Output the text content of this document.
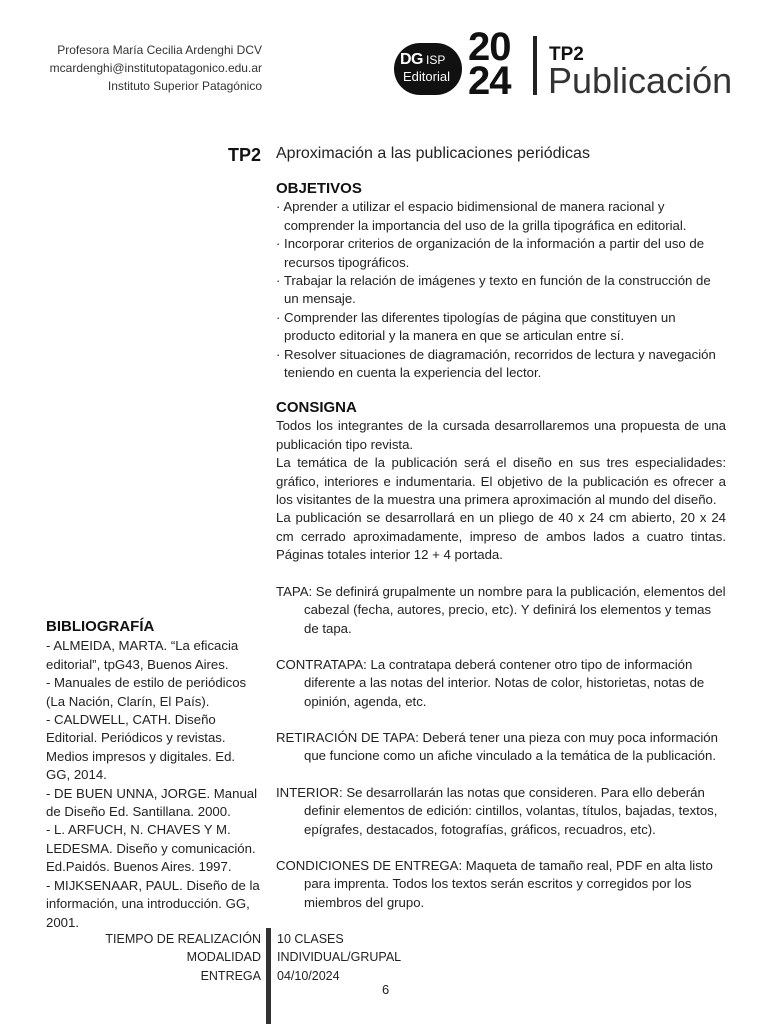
Profesora María Cecilia Ardenghi DCV
mcardenghi@institutopatagonico.edu.ar
Instituto Superior Patagónico
DG ISP
Editorial
20
24
TP2
Publicación
TP2 Aproximación a las publicaciones periódicas
OBJETIVOS

· Aprender a utilizar el espacio bidimensional de manera racional y comprender la importancia del uso de la grilla tipográfica en editorial.

· Incorporar criterios de organización de la información a partir del uso de recursos tipográficos.

· Trabajar la relación de imágenes y texto en función de la construcción de un mensaje.

· Comprender las diferentes tipologías de página que constituyen un producto editorial y la manera en que se articulan entre sí.

· Resolver situaciones de diagramación, recorridos de lectura y navegación teniendo en cuenta la experiencia del lector.

CONSIGNA

Todos los integrantes de la cursada desarrollaremos una propuesta de una publicación tipo revista.

La temática de la publicación será el diseño en sus tres especialidades: gráfico, interiores e indumentaria. El objetivo de la publicación es ofrecer a los visitantes de la muestra una primera aproximación al mundo del diseño.

La publicación se desarrollará en un pliego de 40 x 24 cm abierto, 20 x 24 cm cerrado aproximadamente, impreso de ambos lados a cuatro tintas. Páginas totales interior 12 + 4 portada.

TAPA: Se definirá grupalmente un nombre para la publicación, elementos del cabezal (fecha, autores, precio, etc). Y definirá los elementos y temas de tapa.

CONTRATAPA: La contratapa deberá contener otro tipo de información diferente a las notas del interior. Notas de color, historietas, notas de opinión, agenda, etc.

RETIRACIÓN DE TAPA: Deberá tener una pieza con muy poca información que funcione como un afiche vinculado a la temática de la publicación.

INTERIOR: Se desarrollarán las notas que consideren. Para ello deberán definir elementos de edición: cintillos, volantas, títulos, bajadas, textos, epígrafes, destacados, fotografías, gráficos, recuadros, etc).

CONDICIONES DE ENTREGA: Maqueta de tamaño real, PDF en alta listo para imprenta. Todos los textos serán escritos y corregidos por los miembros del grupo.

BIBLIOGRAFÍA

- ALMEIDA, MARTA. “La eficacia editorial”, tpG43, Buenos Aires.

- Manuales de estilo de periódicos (La Nación, Clarín, El País).

- CALDWELL, CATH. Diseño Editorial. Periódicos y revistas. Medios impresos y digitales. Ed. GG, 2014.

- DE BUEN UNNA, JORGE. Manual de Diseño Ed. Santillana. 2000.

- L. ARFUCH, N. CHAVES Y M. LEDESMA. Diseño y comunicación. Ed.Paidós. Buenos Aires. 1997.

- MIJKSENAAR, PAUL. Diseño de la información, una introducción. GG, 2001.

TIEMPO DE REALIZACIÓN
MODALIDAD
ENTREGA
10 CLASES
INDIVIDUAL/GRUPAL
04/10/2024
6
